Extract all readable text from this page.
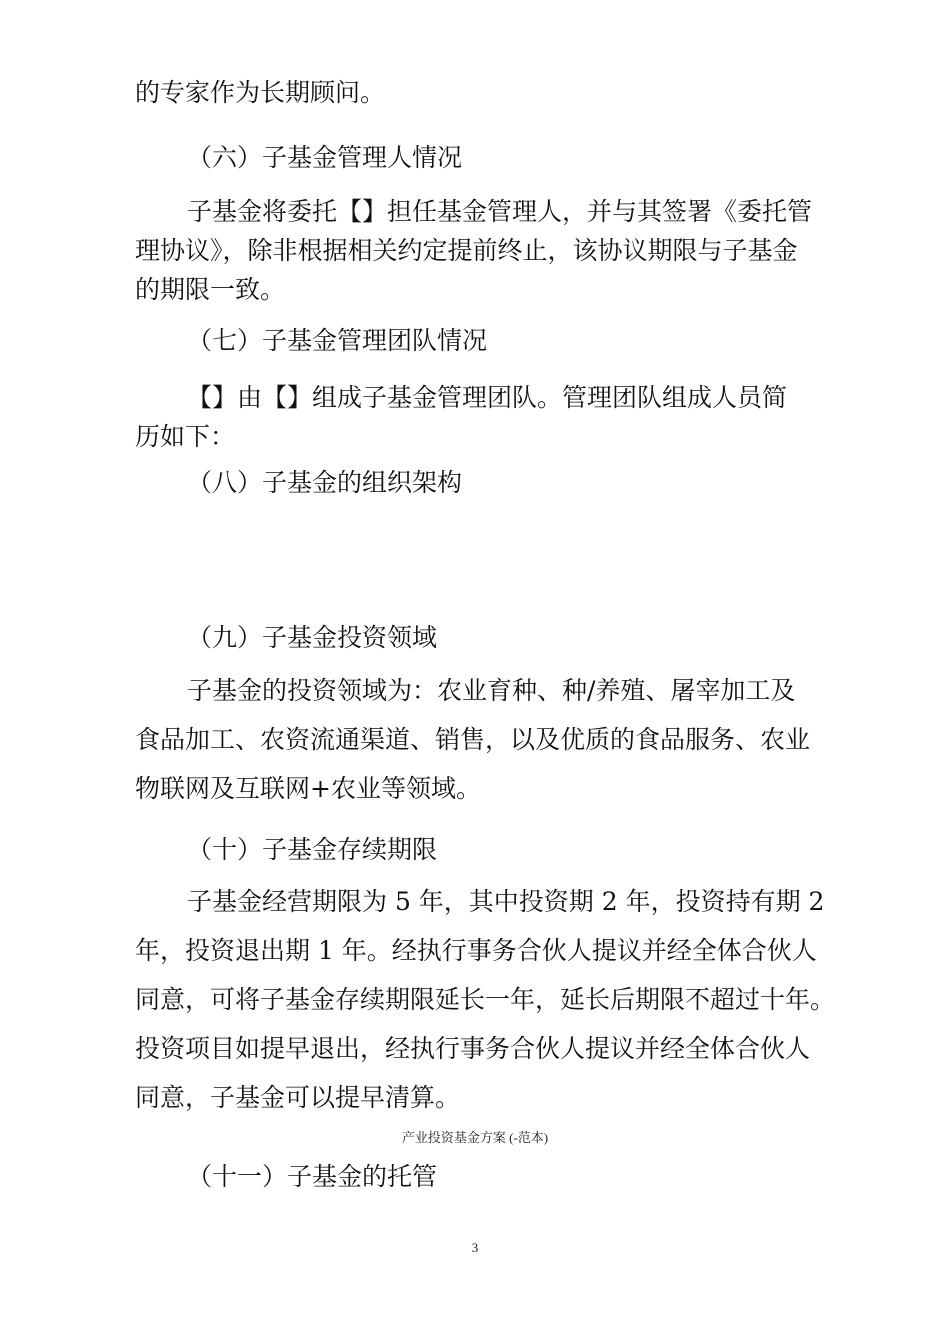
的专家作为长期顾问。
（六）子基金管理人情况
子基金将委托【】担任基金管理人，并与其签署《委托管
理协议》，除非根据相关约定提前终止，该协议期限与子基金
的期限一致。
（七）子基金管理团队情况
【】由【】组成子基金管理团队。管理团队组成人员简
历如下：
（八）子基金的组织架构
（九）子基金投资领域
子基金的投资领域为：农业育种、种/养殖、屠宰加工及
食品加工、农资流通渠道、销售，以及优质的食品服务、农业
物联网及互联网+农业等领域。
（十）子基金存续期限
子基金经营期限为 5 年，其中投资期 2 年，投资持有期 2
年，投资退出期 1 年。经执行事务合伙人提议并经全体合伙人
同意，可将子基金存续期限延长一年，延长后期限不超过十年。
投资项目如提早退出，经执行事务合伙人提议并经全体合伙人
同意，子基金可以提早清算。
（十一）子基金的托管
产业投资基金方案 (-范本)
3
